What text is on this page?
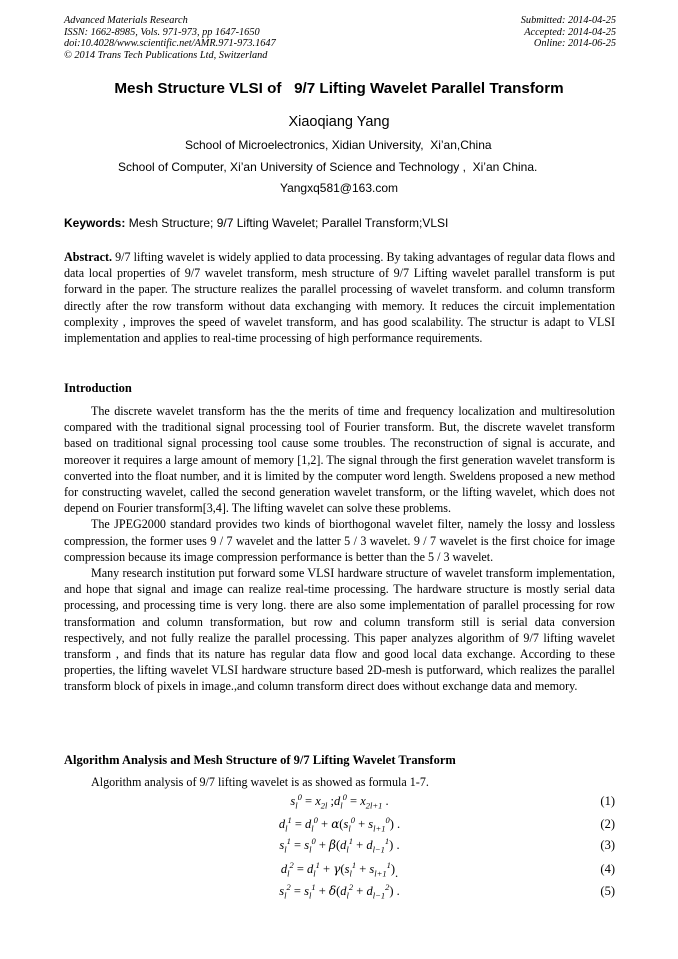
Advanced Materials Research
ISSN: 1662-8985, Vols. 971-973, pp 1647-1650
doi:10.4028/www.scientific.net/AMR.971-973.1647
© 2014 Trans Tech Publications Ltd, Switzerland
Submitted: 2014-04-25
Accepted: 2014-04-25
Online: 2014-06-25
Mesh Structure VLSI of   9/7 Lifting Wavelet Parallel Transform
Xiaoqiang Yang
School of Microelectronics, Xidian University,  Xi’an,China
School of Computer, Xi’an University of Science and Technology ,  Xi’an China.
Yangxq581@163.com
Keywords: Mesh Structure; 9/7 Lifting Wavelet; Parallel Transform;VLSI
Abstract. 9/7 lifting wavelet is widely applied to data processing. By taking advantages of regular data flows and data local properties of 9/7 wavelet transform, mesh structure of 9/7 Lifting wavelet parallel transform is put forward in the paper. The structure realizes the parallel processing of wavelet transform. and column transform directly after the row transform without data exchanging with memory. It reduces the circuit implementation complexity , improves the speed of wavelet transform, and has good scalability. The structur is adapt to VLSI implementation and applies to real-time processing of high performance requirements.
Introduction

The discrete wavelet transform has the the merits of time and frequency localization and multiresolution compared with the traditional signal processing tool of Fourier transform. But, the discrete wavelet transform based on traditional signal processing tool cause some troubles. The reconstruction of signal is accurate, and moreover it requires a large amount of memory [1,2]. The signal through the first generation wavelet transform is converted into the float number, and it is limited by the computer word length. Sweldens proposed a new method for constructing wavelet, called the second generation wavelet transform, or the lifting wavelet, which does not depend on Fourier transform[3,4]. The lifting wavelet can solve these problems.

The JPEG2000 standard provides two kinds of biorthogonal wavelet filter, namely the lossy and lossless compression, the former uses 9 / 7 wavelet and the latter 5 / 3 wavelet. 9 / 7 wavelet is the first choice for image compression because its image compression performance is better than the 5 / 3 wavelet.

Many research institution put forward some VLSI hardware structure of wavelet transform implementation, and hope that signal and image can realize real-time processing. The hardware structure is mostly serial data processing, and processing time is very long. there are also some implementation of parallel processing for row transformation and column transformation, but row and column transform still is serial data conversion respectively, and not fully realize the parallel processing. This paper analyzes algorithm of 9/7 lifting wavelet transform , and finds that its nature has regular data flow and good local data exchange. According to these properties, the lifting wavelet VLSI hardware structure based 2D-mesh is putforward, which realizes the parallel transform block of pixels in image.,and column transform direct does without exchange data and memory.

Algorithm Analysis and Mesh Structure of 9/7 Lifting Wavelet Transform
Algorithm analysis of 9/7 lifting wavelet is as showed as formula 1-7.
$s_l^0 = x_{2l}$ $;d_l^0 = x_{2l+1}$ .	(1)
$d_l^1 = d_l^0 + \alpha(s_l^0 + s_{l+1}^0)$ .	(2)
$s_l^1 = s_l^0 + \beta(d_l^1 + d_{l-1}^1)$ .	(3)
$d_l^2 = d_l^1 + \gamma(s_l^1 + s_{l+1}^1)$.	(4)
$s_l^2 = s_l^1 + \delta(d_l^2 + d_{l-1}^2)$ .	(5)
